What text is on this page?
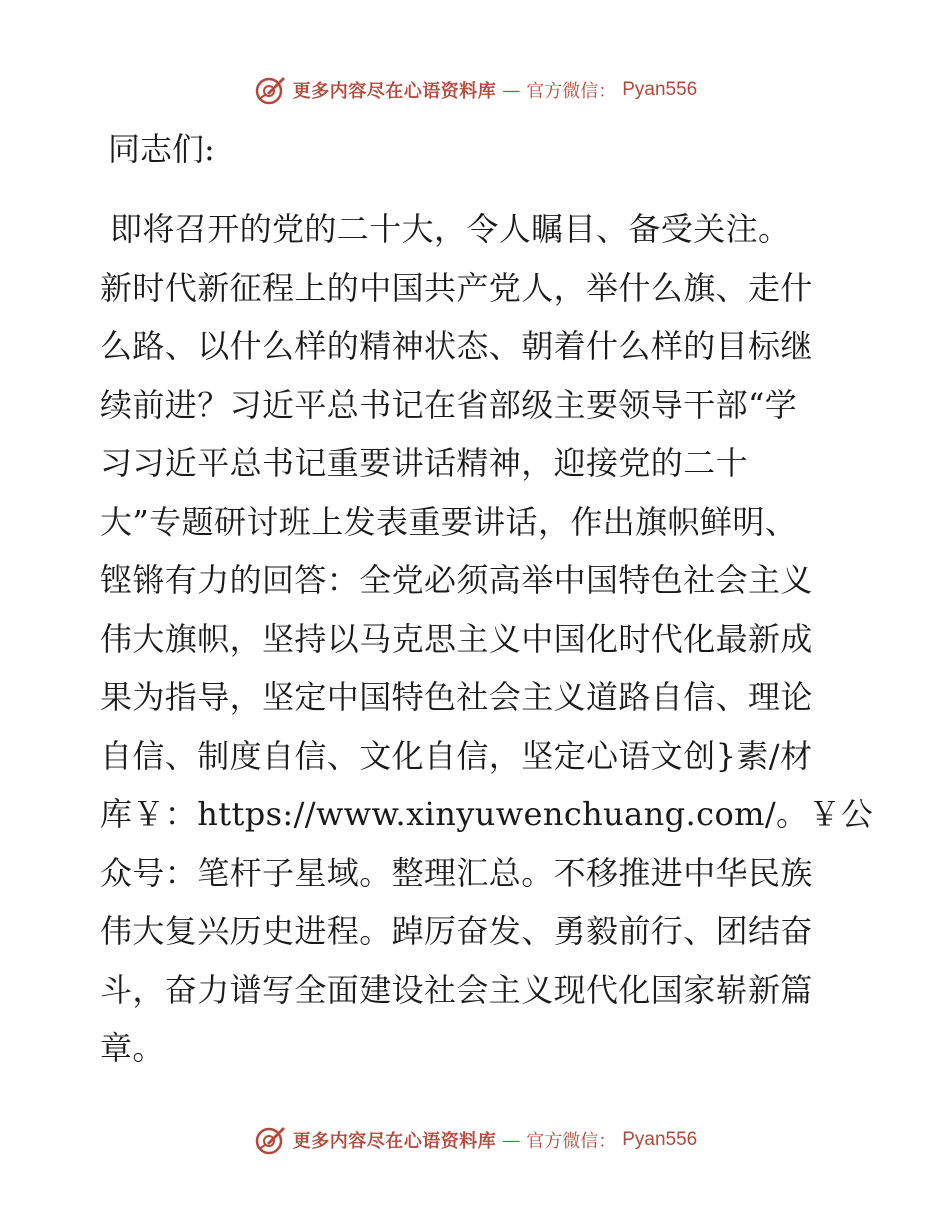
更多内容尽在心语资料库 — 官方微信： Pyan556
同志们:
即将召开的党的二十大，令人瞩目、备受关注。
新时代新征程上的中国共产党人，举什么旗、走什
么路、以什么样的精神状态、朝着什么样的目标继
续前进？习近平总书记在省部级主要领导干部“学
习习近平总书记重要讲话精神，迎接党的二十
大”专题研讨班上发表重要讲话，作出旗帜鲜明、
铿锵有力的回答：全党必须高举中国特色社会主义
伟大旗帜，坚持以马克思主义中国化时代化最新成
果为指导，坚定中国特色社会主义道路自信、理论
自信、制度自信、文化自信，坚定心语文创}素/材
库￥：https://www.xinyuwenchuang.com/。￥公
众号：笔杆子星域。整理汇总。不移推进中华民族
伟大复兴历史进程。踔厉奋发、勇毅前行、团结奋
斗，奋力谱写全面建设社会主义现代化国家崭新篇
章。
更多内容尽在心语资料库 — 官方微信： Pyan556
